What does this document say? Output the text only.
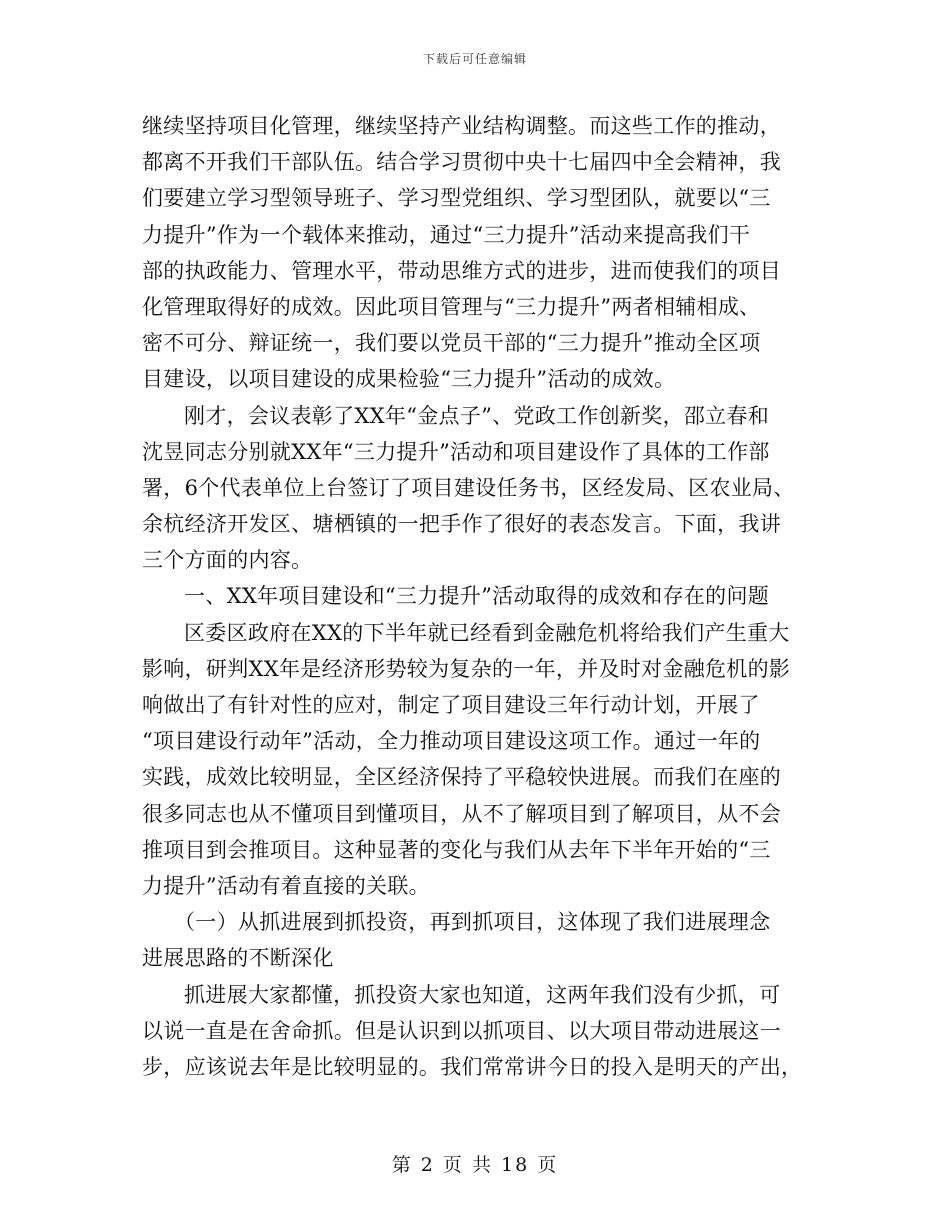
下载后可任意编辑
继续坚持项目化管理，继续坚持产业结构调整。而这些工作的推动，
都离不开我们干部队伍。结合学习贯彻中央十七届四中全会精神，我
们要建立学习型领导班子、学习型党组织、学习型团队，就要以“三
力提升”作为一个载体来推动，通过“三力提升”活动来提高我们干
部的执政能力、管理水平，带动思维方式的进步，进而使我们的项目
化管理取得好的成效。因此项目管理与“三力提升”两者相辅相成、
密不可分、辩证统一，我们要以党员干部的“三力提升”推动全区项
目建设，以项目建设的成果检验“三力提升”活动的成效。
刚才，会议表彰了XX年“金点子”、党政工作创新奖，邵立春和
沈昱同志分别就XX年“三力提升”活动和项目建设作了具体的工作部
署，6个代表单位上台签订了项目建设任务书，区经发局、区农业局、
余杭经济开发区、塘栖镇的一把手作了很好的表态发言。下面，我讲
三个方面的内容。
一、XX年项目建设和“三力提升”活动取得的成效和存在的问题
区委区政府在XX的下半年就已经看到金融危机将给我们产生重大
影响，研判XX年是经济形势较为复杂的一年，并及时对金融危机的影
响做出了有针对性的应对，制定了项目建设三年行动计划，开展了
“项目建设行动年”活动，全力推动项目建设这项工作。通过一年的
实践，成效比较明显，全区经济保持了平稳较快进展。而我们在座的
很多同志也从不懂项目到懂项目，从不了解项目到了解项目，从不会
推项目到会推项目。这种显著的变化与我们从去年下半年开始的“三
力提升”活动有着直接的关联。
（一）从抓进展到抓投资，再到抓项目，这体现了我们进展理念
进展思路的不断深化
抓进展大家都懂，抓投资大家也知道，这两年我们没有少抓，可
以说一直是在舍命抓。但是认识到以抓项目、以大项目带动进展这一
步，应该说去年是比较明显的。我们常常讲今日的投入是明天的产出，
第 2 页 共 18 页
